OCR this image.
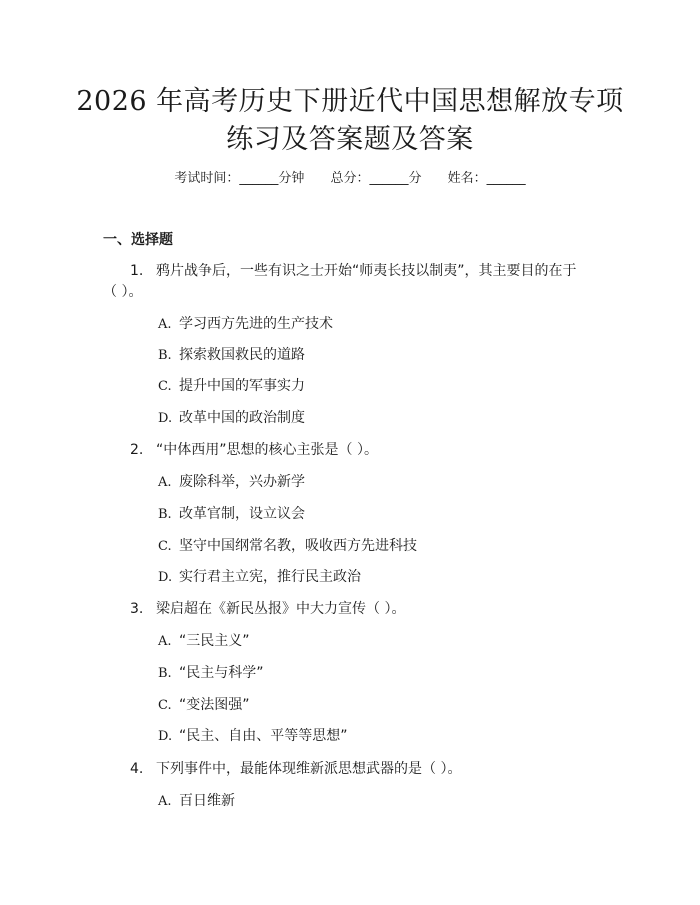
2026 年高考历史下册近代中国思想解放专项
练习及答案题及答案
考试时间：______分钟 总分：______分 姓名：______
一、选择题
1. 鸦片战争后，一些有识之士开始“师夷长技以制夷”，其主要目的在于
（ ）。
A. 学习西方先进的生产技术
B. 探索救国救民的道路
C. 提升中国的军事实力
D. 改革中国的政治制度
2. “中体西用”思想的核心主张是（ ）。
A. 废除科举，兴办新学
B. 改革官制，设立议会
C. 坚守中国纲常名教，吸收西方先进科技
D. 实行君主立宪，推行民主政治
3. 梁启超在《新民丛报》中大力宣传（ ）。
A. “三民主义”
B. “民主与科学”
C. “变法图强”
D. “民主、自由、平等等思想”
4. 下列事件中，最能体现维新派思想武器的是（ ）。
A. 百日维新
